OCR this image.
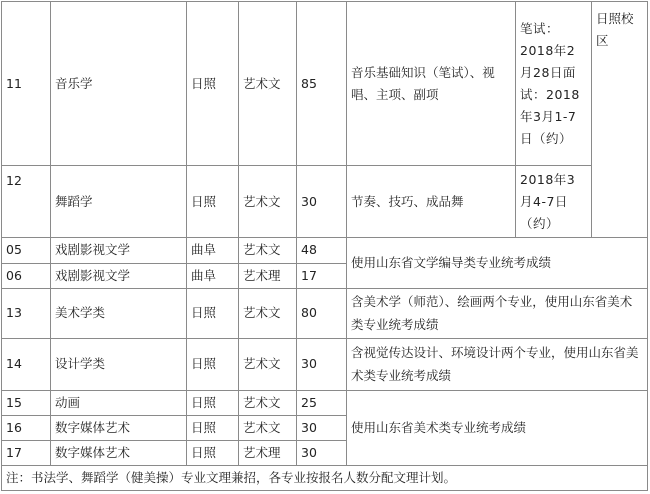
11	音乐学	日照	艺术文	85	音乐基础知识（笔试）、视唱、主项、副项	笔试：2018年2月28日面试：2018年3月1-7日（约）	日照校区
12	舞蹈学	日照	艺术文	30	节奏、技巧、成品舞	2018年3月4-7日（约）	
05	戏剧影视文学	曲阜	艺术文	48	使用山东省文学编导类专业统考成绩		
06	戏剧影视文学	曲阜	艺术理	17			
13	美术学类	日照	艺术文	80	含美术学（师范）、绘画两个专业，使用山东省美术类专业统考成绩		
14	设计学类	日照	艺术文	30	含视觉传达设计、环境设计两个专业，使用山东省美术类专业统考成绩		
15	动画	日照	艺术文	25	使用山东省美术类专业统考成绩		
16	数字媒体艺术	日照	艺术文	30			
17	数字媒体艺术	日照	艺术理	30			
注：书法学、舞蹈学（健美操）专业文理兼招，各专业按报名人数分配文理计划。							
